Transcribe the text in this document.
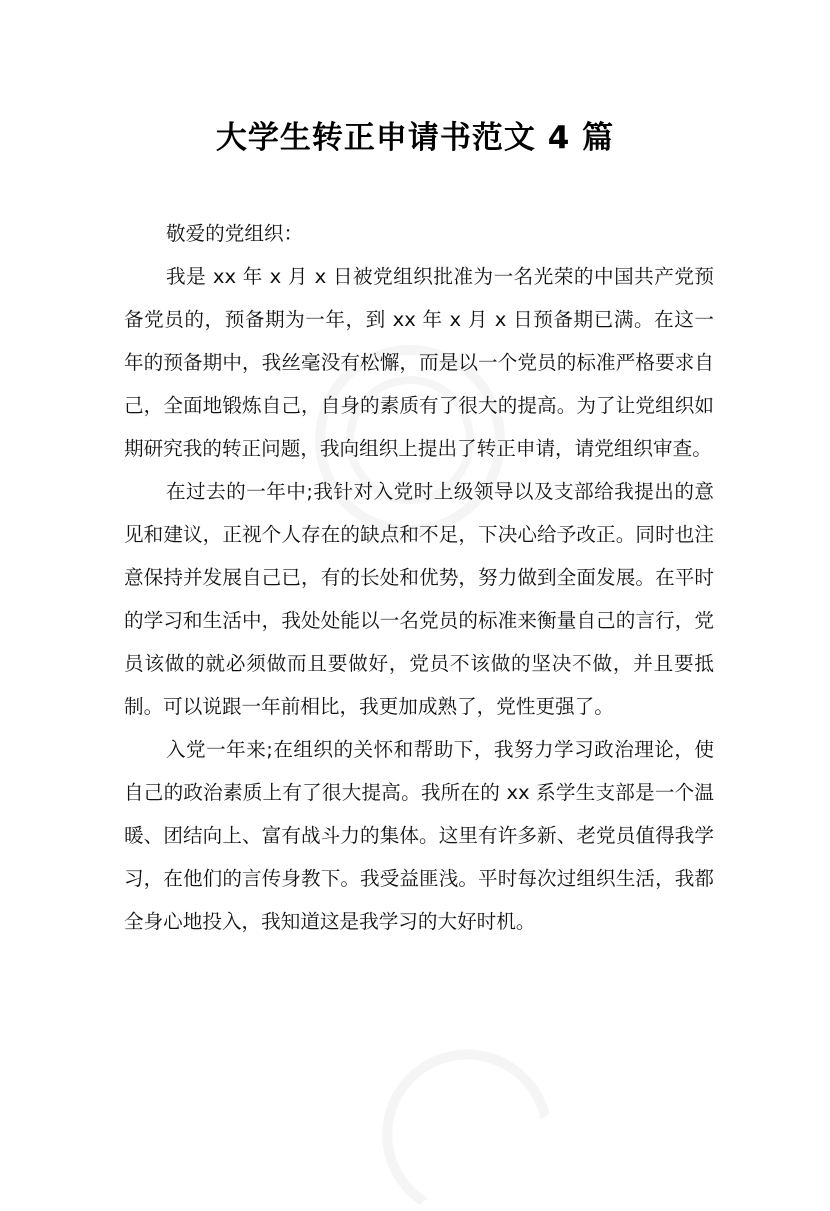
大学生转正申请书范文 4 篇

敬爱的党组织：

我是 xx 年 x 月 x 日被党组织批准为一名光荣的中国共产党预备党员的，预备期为一年，到 xx 年 x 月 x 日预备期已满。在这一年的预备期中，我丝毫没有松懈，而是以一个党员的标准严格要求自己，全面地锻炼自己，自身的素质有了很大的提高。为了让党组织如期研究我的转正问题，我向组织上提出了转正申请，请党组织审查。

在过去的一年中;我针对入党时上级领导以及支部给我提出的意见和建议，正视个人存在的缺点和不足，下决心给予改正。同时也注意保持并发展自己已，有的长处和优势，努力做到全面发展。在平时的学习和生活中，我处处能以一名党员的标准来衡量自己的言行，党员该做的就必须做而且要做好，党员不该做的坚决不做，并且要抵制。可以说跟一年前相比，我更加成熟了，党性更强了。

入党一年来;在组织的关怀和帮助下，我努力学习政治理论，使自己的政治素质上有了很大提高。我所在的 xx 系学生支部是一个温暖、团结向上、富有战斗力的集体。这里有许多新、老党员值得我学习，在他们的言传身教下。我受益匪浅。平时每次过组织生活，我都全身心地投入，我知道这是我学习的大好时机。
